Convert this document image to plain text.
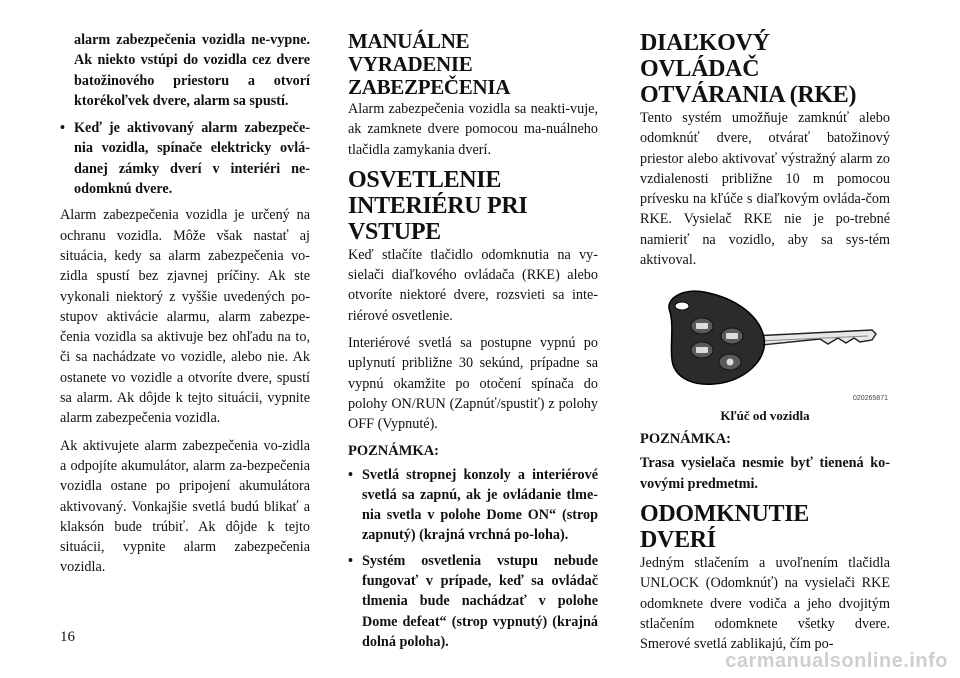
alarm zabezpečenia vozidla ne-vypne. Ak niekto vstúpi do vozidla cez dvere batožinového priestoru a otvorí ktorékoľvek dvere, alarm sa spustí.

• Keď je aktivovaný alarm zabezpeče-nia vozidla, spínače elektricky ovlá-danej zámky dverí v interiéri ne-odomknú dvere.

Alarm zabezpečenia vozidla je určený na ochranu vozidla. Môže však nastať aj situácia, kedy sa alarm zabezpečenia vo-zidla spustí bez zjavnej príčiny. Ak ste vykonali niektorý z vyššie uvedených po-stupov aktivácie alarmu, alarm zabezpe-čenia vozidla sa aktivuje bez ohľadu na to, či sa nachádzate vo vozidle, alebo nie. Ak ostanete vo vozidle a otvoríte dvere, spustí sa alarm. Ak dôjde k tejto situácii, vypnite alarm zabezpečenia vozidla.

Ak aktivujete alarm zabezpečenia vo-zidla a odpojíte akumulátor, alarm za-bezpečenia vozidla ostane po pripojení akumulátora aktivovaný. Vonkajšie svetlá budú blikať a klaksón bude trúbiť. Ak dôjde k tejto situácii, vypnite alarm zabezpečenia vozidla.

MANUÁLNE VYRADENIE ZABEZPEČENIA

Alarm zabezpečenia vozidla sa neakti-vuje, ak zamknete dvere pomocou ma-nuálneho tlačidla zamykania dverí.

OSVETLENIE INTERIÉRU PRI VSTUPE

Keď stlačíte tlačidlo odomknutia na vy-sielači diaľkového ovládača (RKE) alebo otvoríte niektoré dvere, rozsvieti sa inte-riérové osvetlenie.

Interiérové svetlá sa postupne vypnú po uplynutí približne 30 sekúnd, prípadne sa vypnú okamžite po otočení spínača do polohy ON/RUN (Zapnúť/spustiť) z polohy OFF (Vypnuté).

POZNÁMKA:
• Svetlá stropnej konzoly a interiérové svetlá sa zapnú, ak je ovládanie tlme-nia svetla v polohe Dome ON“ (strop zapnutý) (krajná vrchná po-loha).
• Systém osvetlenia vstupu nebude fungovať v prípade, keď sa ovládač tlmenia bude nachádzať v polohe Dome defeat“ (strop vypnutý) (krajná dolná poloha).
DIAĽKOVÝ OVLÁDAČ OTVÁRANIA (RKE)

Tento systém umožňuje zamknúť alebo odomknúť dvere, otvárať batožinový priestor alebo aktivovať výstražný alarm zo vzdialenosti približne 10 m pomocou prívesku na kľúče s diaľkovým ovláda-čom RKE. Vysielač RKE nie je po-trebné namieriť na vozidlo, aby sa sys-tém aktivoval.

020265871
Kľúč od vozidla
POZNÁMKA:

Trasa vysielača nesmie byť tienená ko-vovými predmetmi.

ODOMKNUTIE DVERÍ

Jedným stlačením a uvoľnením tlačidla UNLOCK (Odomknúť) na vysielači RKE odomknete dvere vodiča a jeho dvojitým stlačením odomknete všetky dvere. Smerové svetlá zablikajú, čím po-

16
carmanualsonline.info
